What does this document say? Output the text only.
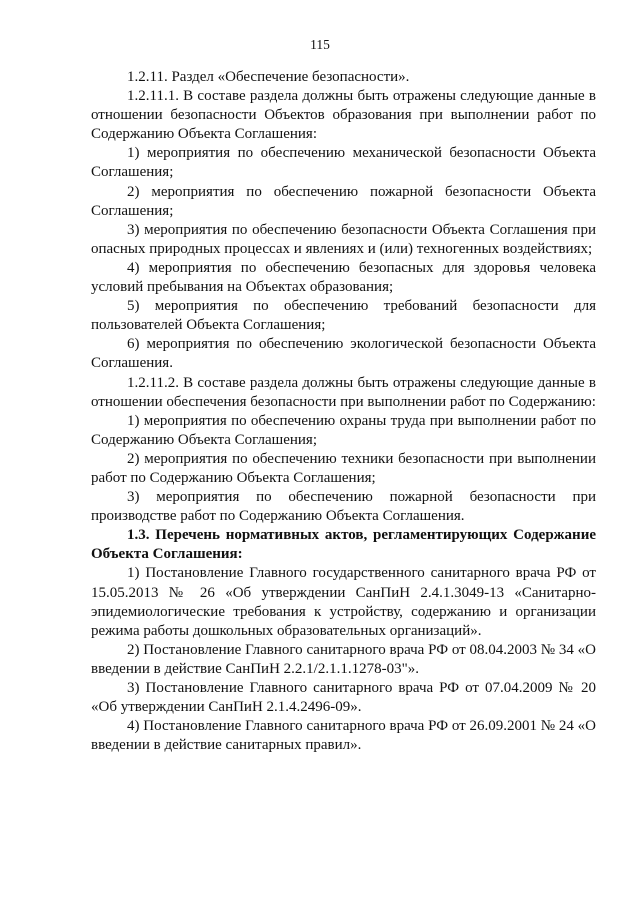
115

1.2.11. Раздел «Обеспечение безопасности».

1.2.11.1. В составе раздела должны быть отражены следующие данные в отношении безопасности Объектов образования при выполнении работ по Содержанию Объекта Соглашения:

1) мероприятия по обеспечению механической безопасности Объекта Соглашения;

2) мероприятия по обеспечению пожарной безопасности Объекта Соглашения;

3) мероприятия по обеспечению безопасности Объекта Соглашения при опасных природных процессах и явлениях и (или) техногенных воздействиях;

4) мероприятия по обеспечению безопасных для здоровья человека условий пребывания на Объектах образования;

5) мероприятия по обеспечению требований безопасности для пользователей Объекта Соглашения;

6) мероприятия по обеспечению экологической безопасности Объекта Соглашения.

1.2.11.2. В составе раздела должны быть отражены следующие данные в отношении обеспечения безопасности при выполнении работ по Содержанию:

1) мероприятия по обеспечению охраны труда при выполнении работ по Содержанию Объекта Соглашения;

2) мероприятия по обеспечению техники безопасности при выполнении работ по Содержанию Объекта Соглашения;

3) мероприятия по обеспечению пожарной безопасности при производстве работ по Содержанию Объекта Соглашения.

1.3. Перечень нормативных актов, регламентирующих Содержание Объекта Соглашения:

1) Постановление Главного государственного санитарного врача РФ от 15.05.2013 № 26 «Об утверждении СанПиН 2.4.1.3049-13 «Санитарно-эпидемиологические требования к устройству, содержанию и организации режима работы дошкольных образовательных организаций».

2) Постановление Главного санитарного врача РФ от 08.04.2003 № 34 «О введении в действие СанПиН 2.2.1/2.1.1.1278-03"».

3) Постановление Главного санитарного врача РФ от 07.04.2009 № 20 «Об утверждении СанПиН 2.1.4.2496-09».

4) Постановление Главного санитарного врача РФ от 26.09.2001 № 24 «О введении в действие санитарных правил».
